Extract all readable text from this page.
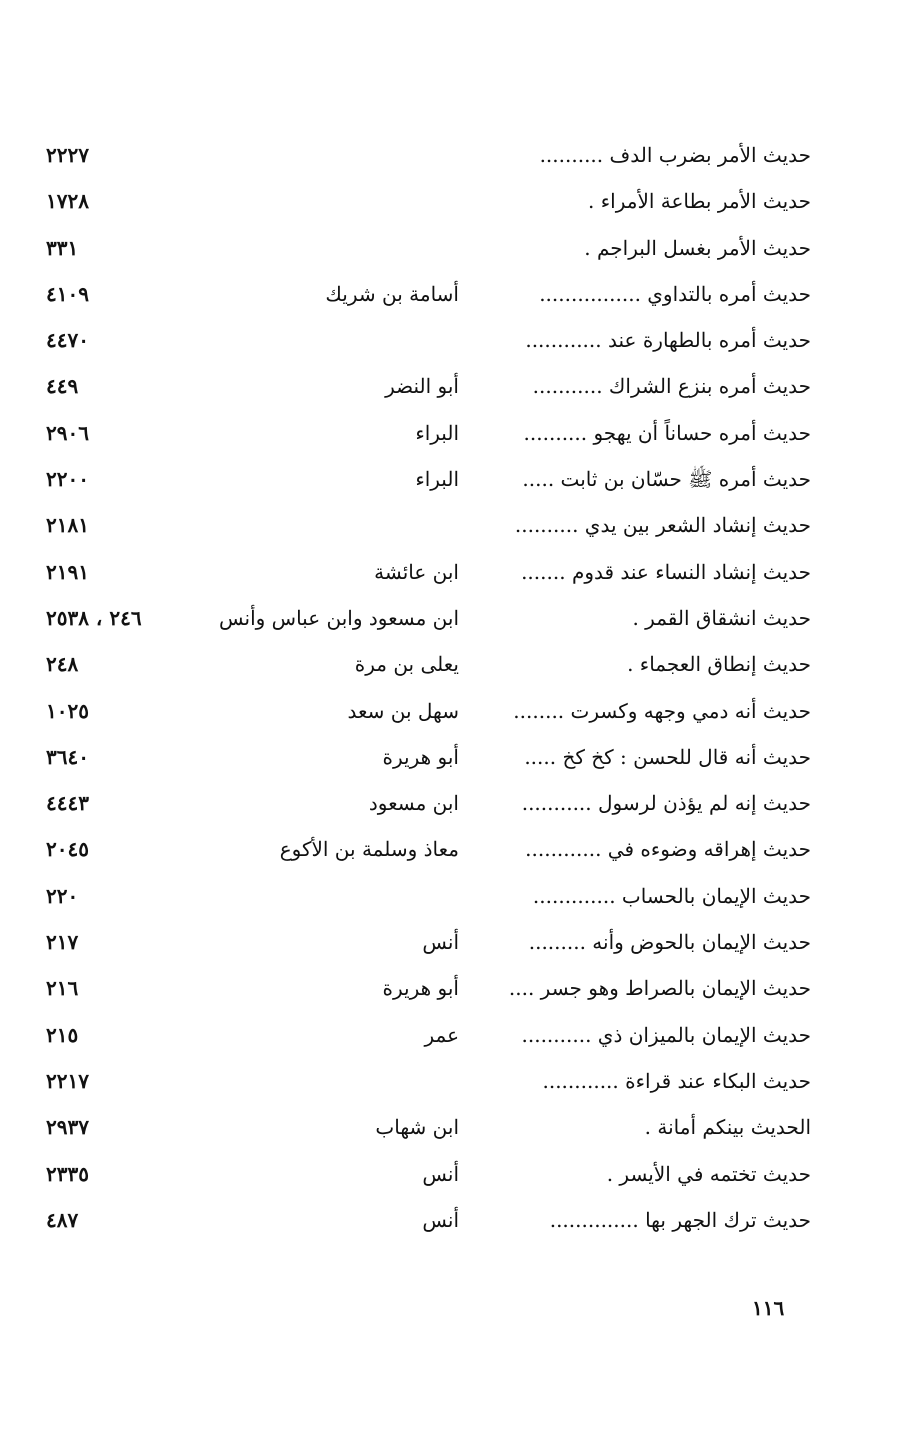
حديث الأمر بضرب الدف ..........
٢٢٢٧
حديث الأمر بطاعة الأمراء .
١٧٢٨
حديث الأمر بغسل البراجم .
٣٣١
حديث أمره بالتداوي ................
أسامة بن شريك
٤١٠٩
حديث أمره بالطهارة عند ............
٤٤٧٠
حديث أمره بنزع الشراك ...........
أبو النضر
٤٤٩
حديث أمره حساناً أن يهجو ..........
البراء
٢٩٠٦
حديث أمره ﷺ حسّان بن ثابت .....
البراء
٢٢٠٠
حديث إنشاد الشعر بين يدي ..........
٢١٨١
حديث إنشاد النساء عند قدوم .......
ابن عائشة
٢١٩١
حديث انشقاق القمر .
ابن مسعود وابن عباس وأنس
٢٤٦ ، ٢٥٣٨
حديث إنطاق العجماء .
يعلى بن مرة
٢٤٨
حديث أنه دمي وجهه وكسرت ........
سهل بن سعد
١٠٢٥
حديث أنه قال للحسن : كخ كخ .....
أبو هريرة
٣٦٤٠
حديث إنه لم يؤذن لرسول ...........
ابن مسعود
٤٤٤٣
حديث إهراقه وضوءه في ............
معاذ وسلمة بن الأكوع
٢٠٤٥
حديث الإيمان بالحساب .............
٢٢٠
حديث الإيمان بالحوض وأنه .........
أنس
٢١٧
حديث الإيمان بالصراط وهو جسر ....
أبو هريرة
٢١٦
حديث الإيمان بالميزان ذي ...........
عمر
٢١٥
حديث البكاء عند قراءة ............
٢٢١٧
الحديث بينكم أمانة .
ابن شهاب
٢٩٣٧
حديث تختمه في الأيسر .
أنس
٢٣٣٥
حديث ترك الجهر بها ..............
أنس
٤٨٧
١١٦
